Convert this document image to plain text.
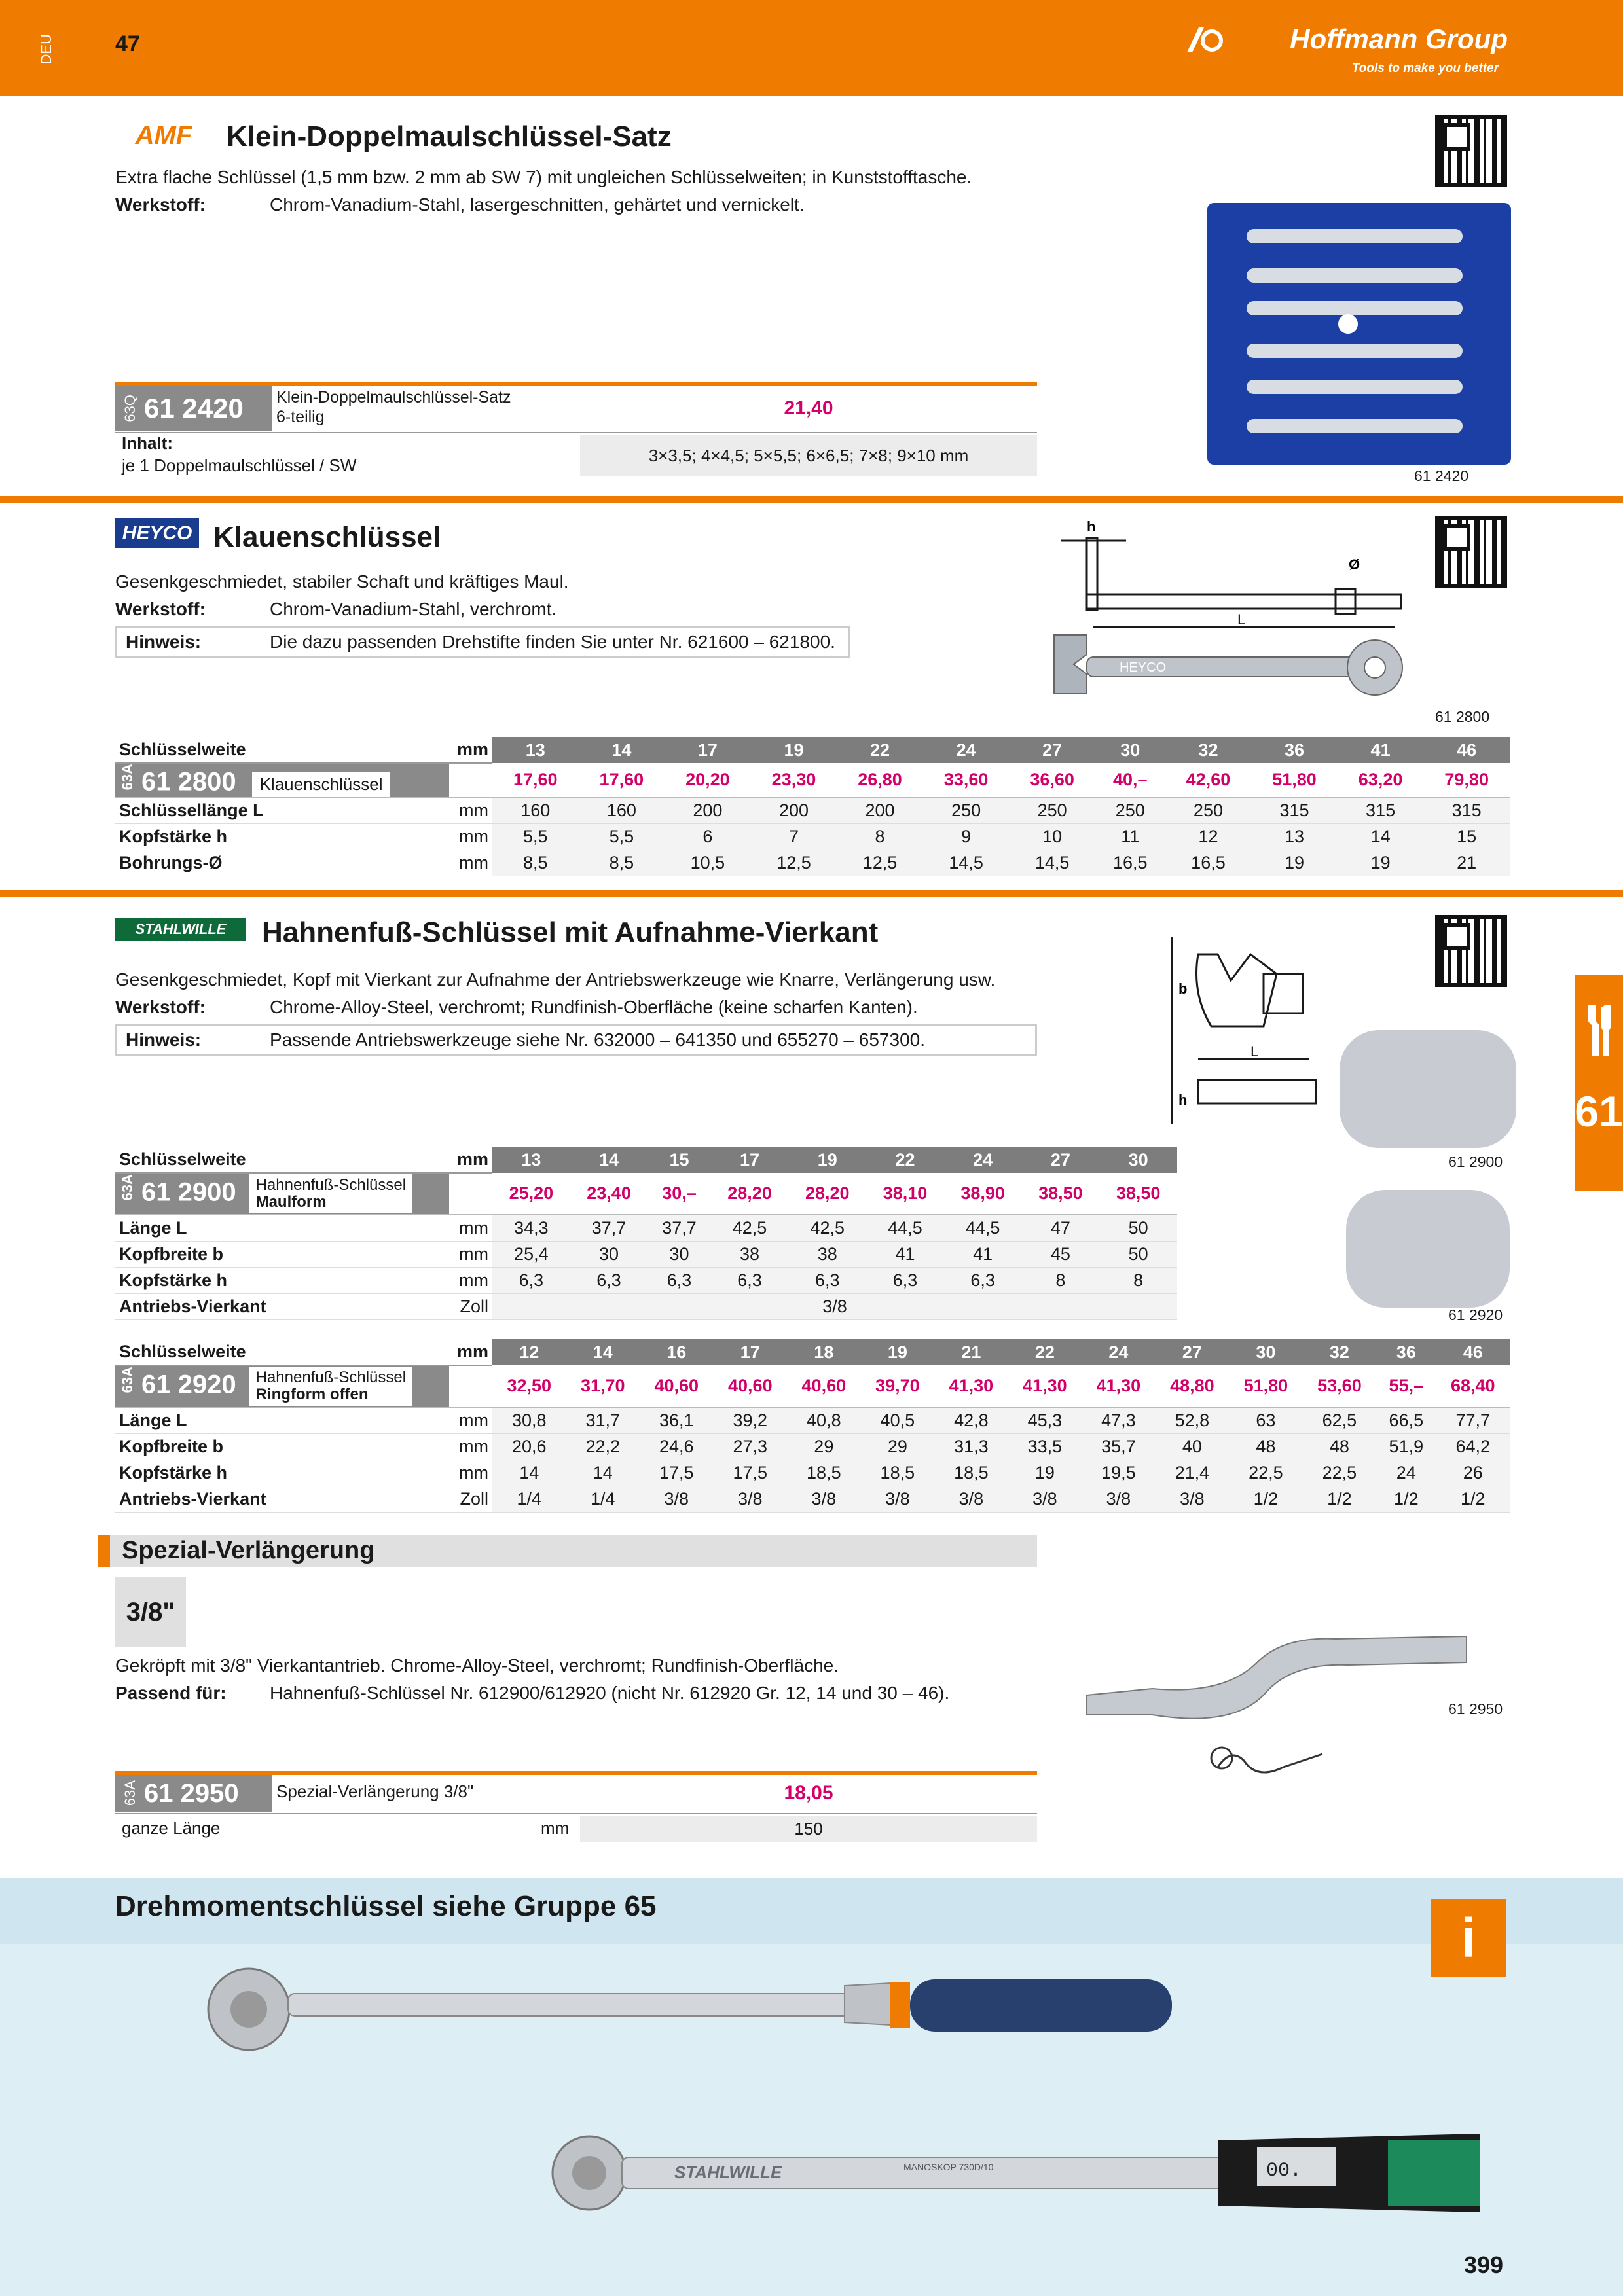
DEU	47	Hoffmann Group
Tools to make you better
AMF	Klein-Doppelmaulschlüssel-Satz
Extra flache Schlüssel (1,5 mm bzw. 2 mm ab SW 7) mit ungleichen Schlüsselweiten; in Kunststofftasche.
Werkstoff:	Chrom-Vanadium-Stahl, lasergeschnitten, gehärtet und vernickelt.
61 2420
63Q 61 2420 Klein-Doppelmaulschlüssel-Satz
6-teilig	21,40
Inhalt:
je 1 Doppelmaulschlüssel / SW
3×3,5; 4×4,5; 5×5,5; 6×6,5; 7×8; 9×10 mm
HEYCO Klauenschlüssel
Gesenkgeschmiedet, stabiler Schaft und kräftiges Maul.
Werkstoff:	Chrom-Vanadium-Stahl, verchromt.
Hinweis:	Die dazu passenden Drehstifte finden Sie unter Nr. 621600 – 621800.
h
Ø
L
HEYCO
61 2800
Schlüsselweite	mm	13	14	17	19	22	24	27	30	32	36	41	46
63A 61 2800 Klauenschlüssel		17,60	17,60	20,20	23,30	26,80	33,60	36,60	40,–	42,60	51,80	63,20	79,80
Schlüssellänge L	mm	160	160	200	200	200	250	250	250	250	315	315	315
Kopfstärke h	mm	5,5	5,5	6	7	8	9	10	11	12	13	14	15
Bohrungs-Ø	mm	8,5	8,5	10,5	12,5	12,5	14,5	14,5	16,5	16,5	19	19	21
STAHLWILLE	Hahnenfuß-Schlüssel mit Aufnahme-Vierkant
Gesenkgeschmiedet, Kopf mit Vierkant zur Aufnahme der Antriebswerkzeuge wie Knarre, Verlängerung usw.
Werkstoff:	Chrome-Alloy-Steel, verchromt; Rundfinish-Oberfläche (keine scharfen Kanten).
Hinweis:	Passende Antriebswerkzeuge siehe Nr. 632000 – 641350 und 655270 – 657300.
b
L
h
61 2900
61 2920
Schlüsselweite	mm	13	14	15	17	19	22	24	27	30
63A 61 2900 Hahnenfuß-Schlüssel
Maulform		25,20	23,40	30,–	28,20	28,20	38,10	38,90	38,50	38,50
Länge L	mm	34,3	37,7	37,7	42,5	42,5	44,5	44,5	47	50
Kopfbreite b	mm	25,4	30	30	38	38	41	41	45	50
Kopfstärke h	mm	6,3	6,3	6,3	6,3	6,3	6,3	6,3	8	8
Antriebs-Vierkant	Zoll	3/8								
Schlüsselweite	mm	12	14	16	17	18	19	21	22	24	27	30	32	36	46
63A 61 2920 Hahnenfuß-Schlüssel
Ringform offen		32,50	31,70	40,60	40,60	40,60	39,70	41,30	41,30	41,30	48,80	51,80	53,60	55,–	68,40
Länge L	mm	30,8	31,7	36,1	39,2	40,8	40,5	42,8	45,3	47,3	52,8	63	62,5	66,5	77,7
Kopfbreite b	mm	20,6	22,2	24,6	27,3	29	29	31,3	33,5	35,7	40	48	48	51,9	64,2
Kopfstärke h	mm	14	14	17,5	17,5	18,5	18,5	18,5	19	19,5	21,4	22,5	22,5	24	26
Antriebs-Vierkant	Zoll	1/4	1/4	3/8	3/8	3/8	3/8	3/8	3/8	3/8	3/8	1/2	1/2	1/2	1/2
61
Spezial-Verlängerung
3/8"
Gekröpft mit 3/8" Vierkantantrieb. Chrome-Alloy-Steel, verchromt; Rundfinish-Oberfläche.
Passend für: Hahnenfuß-Schlüssel Nr. 612900/612920 (nicht Nr. 612920 Gr. 12, 14 und 30 – 46).
61 2950
63A 61 2950 Spezial-Verlängerung 3/8"	18,05
ganze Länge	mm	150
Drehmomentschlüssel siehe Gruppe 65
i
STAHLWILLE	MANOSKOP 730D/10	00.
399
